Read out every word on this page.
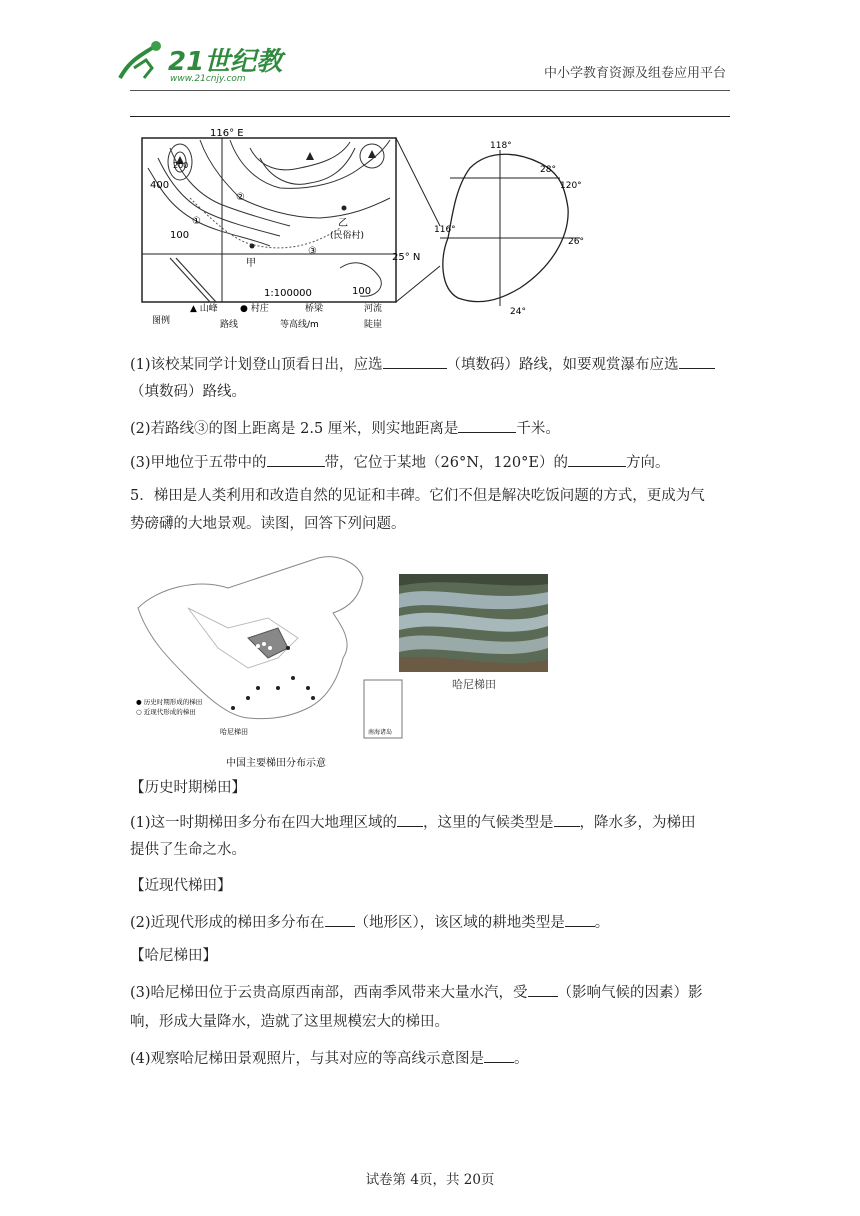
21世纪教
www.21cnjy.com	中小学教育资源及组卷应用平台
116° E
25° N
400
100
100
200
①
②
③
甲
乙
(民俗村)
1:100000
图例
▲ 山峰 ● 村庄	桥梁	河流
路线	等高线/m	陡崖
118°
28°
120°
116°
26°
24°
(1)该校某同学计划登山顶看日出，应选	（填数码）路线，如要观赏瀑布应选
（填数码）路线。
(2)若路线③的图上距离是 2.5 厘米，则实地距离是	千米。
(3)甲地位于五带中的	带，它位于某地（26°N，120°E）的	方向。
5．梯田是人类利用和改造自然的见证和丰碑。它们不但是解决吃饭问题的方式，更成为气
势磅礴的大地景观。读图，回答下列问题。
南海诸岛
● 历史时期形成的梯田
○ 近现代形成的梯田
哈尼梯田
中国主要梯田分布示意
哈尼梯田
【历史时期梯田】
(1)这一时期梯田多分布在四大地理区域的 ，这里的气候类型是 ，降水多，为梯田
提供了生命之水。
【近现代梯田】
(2)近现代形成的梯田多分布在 （地形区），该区域的耕地类型是 。
【哈尼梯田】
(3)哈尼梯田位于云贵高原西南部，西南季风带来大量水汽，受 （影响气候的因素）影
响，形成大量降水，造就了这里规模宏大的梯田。
(4)观察哈尼梯田景观照片，与其对应的等高线示意图是 。
试卷第 4页，共 20页
